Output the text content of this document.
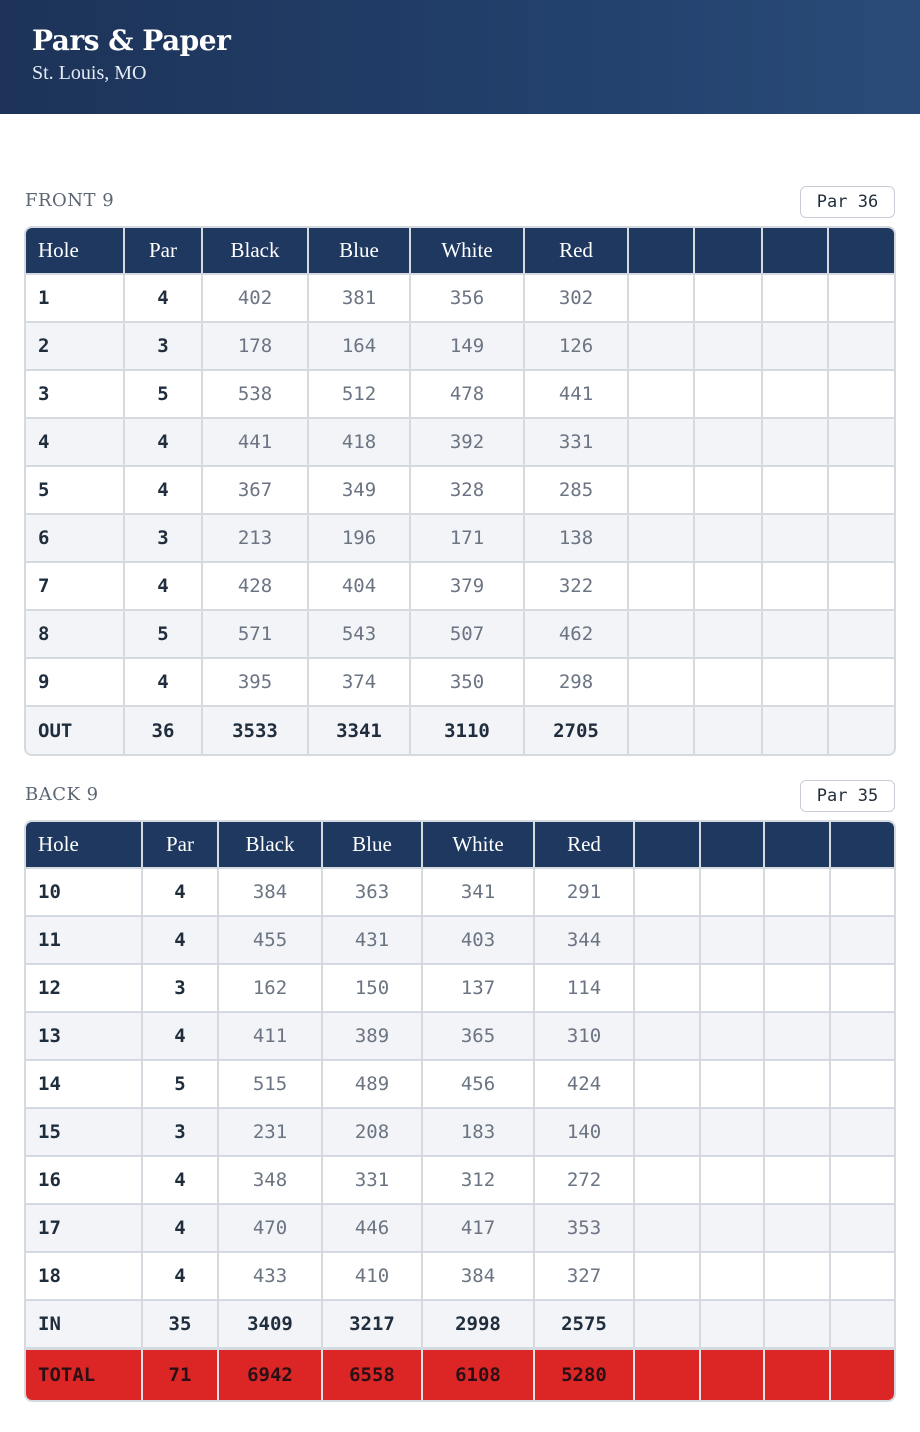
Pars & Paper
St. Louis, MO
FRONT 9	Par 36
Hole	Par	Black	Blue	White	Red				
1	4	402	381	356	302				
2	3	178	164	149	126				
3	5	538	512	478	441				
4	4	441	418	392	331				
5	4	367	349	328	285				
6	3	213	196	171	138				
7	4	428	404	379	322				
8	5	571	543	507	462				
9	4	395	374	350	298				
OUT	36	3533	3341	3110	2705				
BACK 9	Par 35
Hole	Par	Black	Blue	White	Red				
10	4	384	363	341	291				
11	4	455	431	403	344				
12	3	162	150	137	114				
13	4	411	389	365	310				
14	5	515	489	456	424				
15	3	231	208	183	140				
16	4	348	331	312	272				
17	4	470	446	417	353				
18	4	433	410	384	327				
IN	35	3409	3217	2998	2575				
TOTAL	71	6942	6558	6108	5280				
